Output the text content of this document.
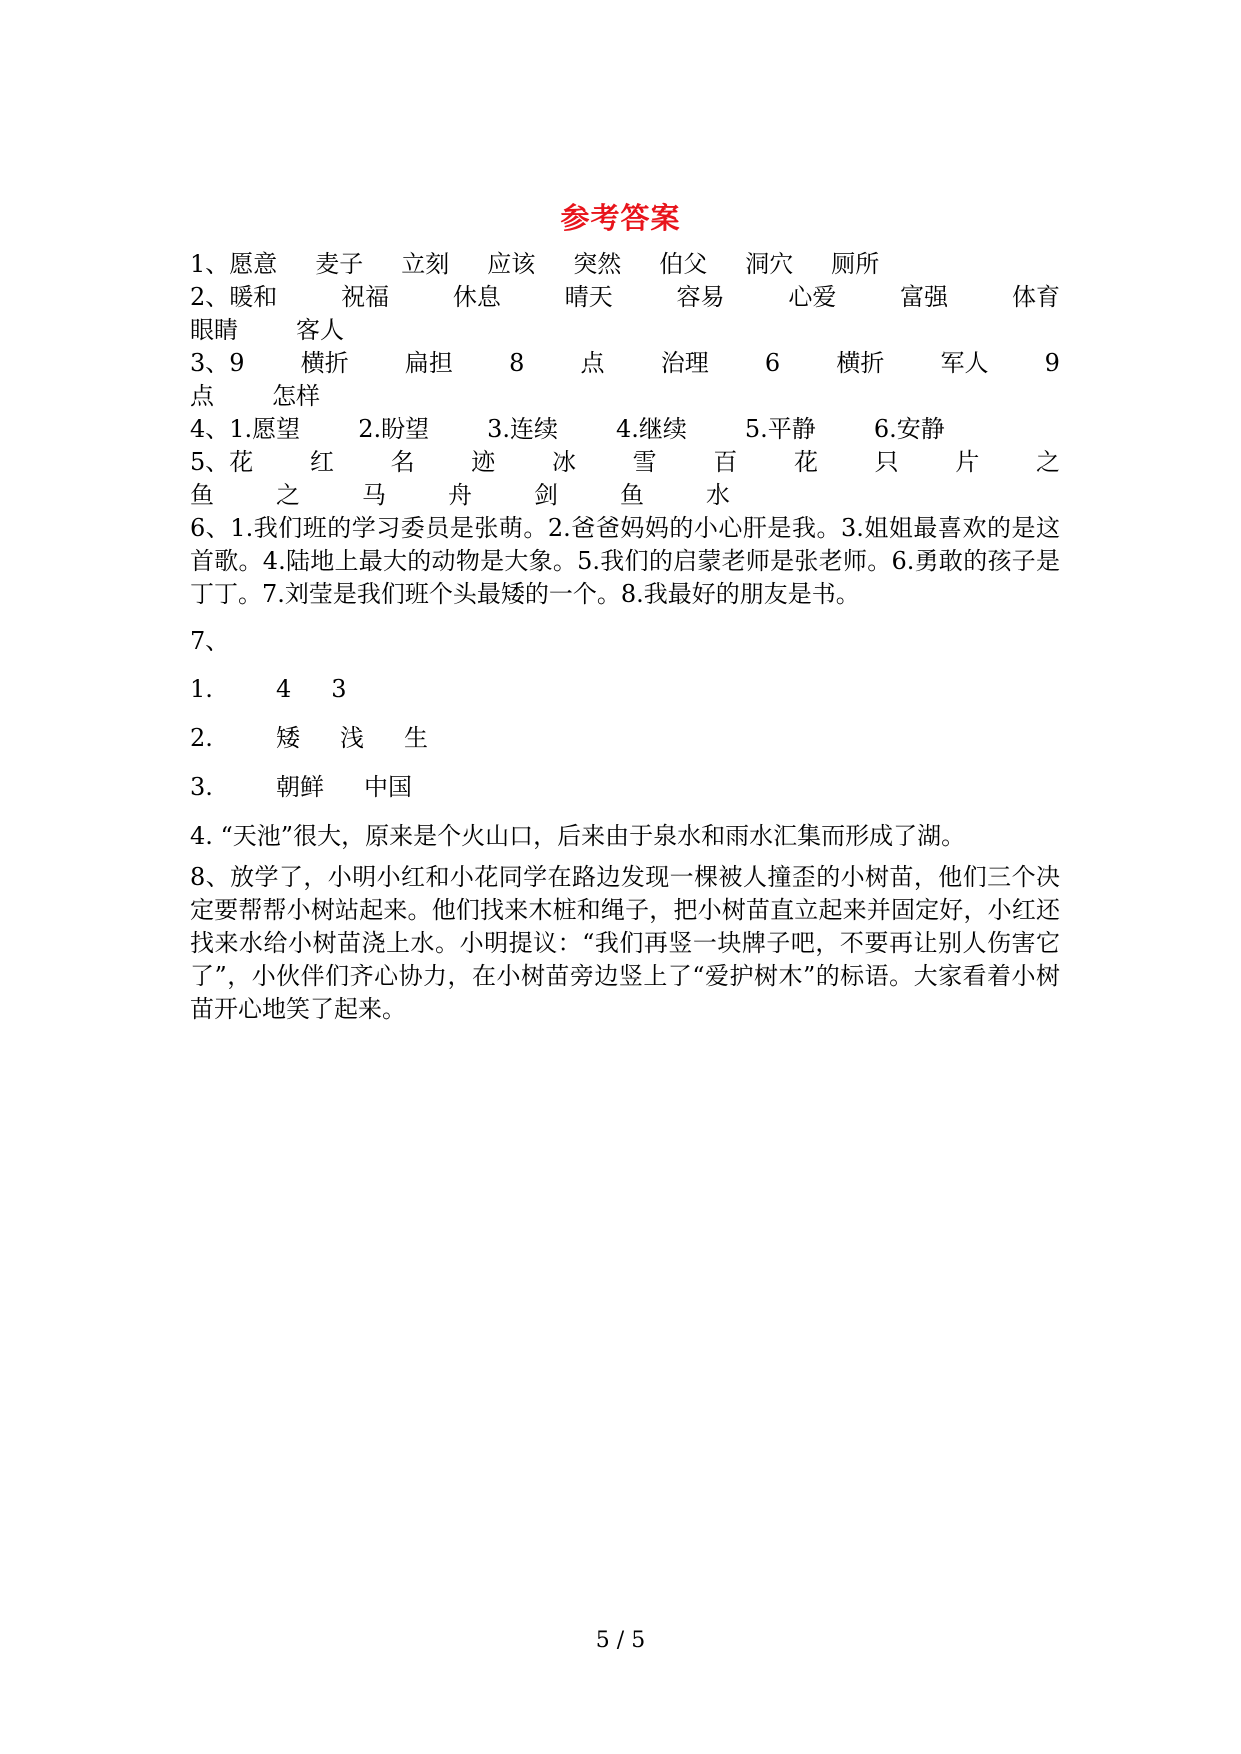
参考答案
1、 愿意 麦子 立刻 应该 突然 伯父 洞穴 厕所
2、暖和	祝福	休息	晴天	容易	心爱	富强	体育
眼睛 客人
3、9 横折 扁担 8 点 治理 6 横折 军人 9
点 怎样
4、1.愿望 2.盼望 3.连续 4.继续 5.平静 6.安静
5、花 红 名 迹 冰 雪 百 花 只 片 之
鱼	之	马	舟	剑	鱼	水
6、1.我们班的学习委员是张萌。2.爸爸妈妈的小心肝是我。3.姐姐最喜欢的是这首歌。4.陆地上最大的动物是大象。5.我们的启蒙老师是张老师。6.勇敢的孩子是丁丁。7.刘莹是我们班个头最矮的一个。8.我最好的朋友是书。
7、
1.	4 3
2.	矮 浅 生
3.	朝鲜 中国
4. “天池”很大，原来是个火山口，后来由于泉水和雨水汇集而形成了湖。
8、放学了，小明小红和小花同学在路边发现一棵被人撞歪的小树苗，他们三个决定要帮帮小树站起来。他们找来木桩和绳子，把小树苗直立起来并固定好，小红还找来水给小树苗浇上水。小明提议：“我们再竖一块牌子吧，不要再让别人伤害它了”，小伙伴们齐心协力，在小树苗旁边竖上了“爱护树木”的标语。大家看着小树苗开心地笑了起来。
5 / 5
